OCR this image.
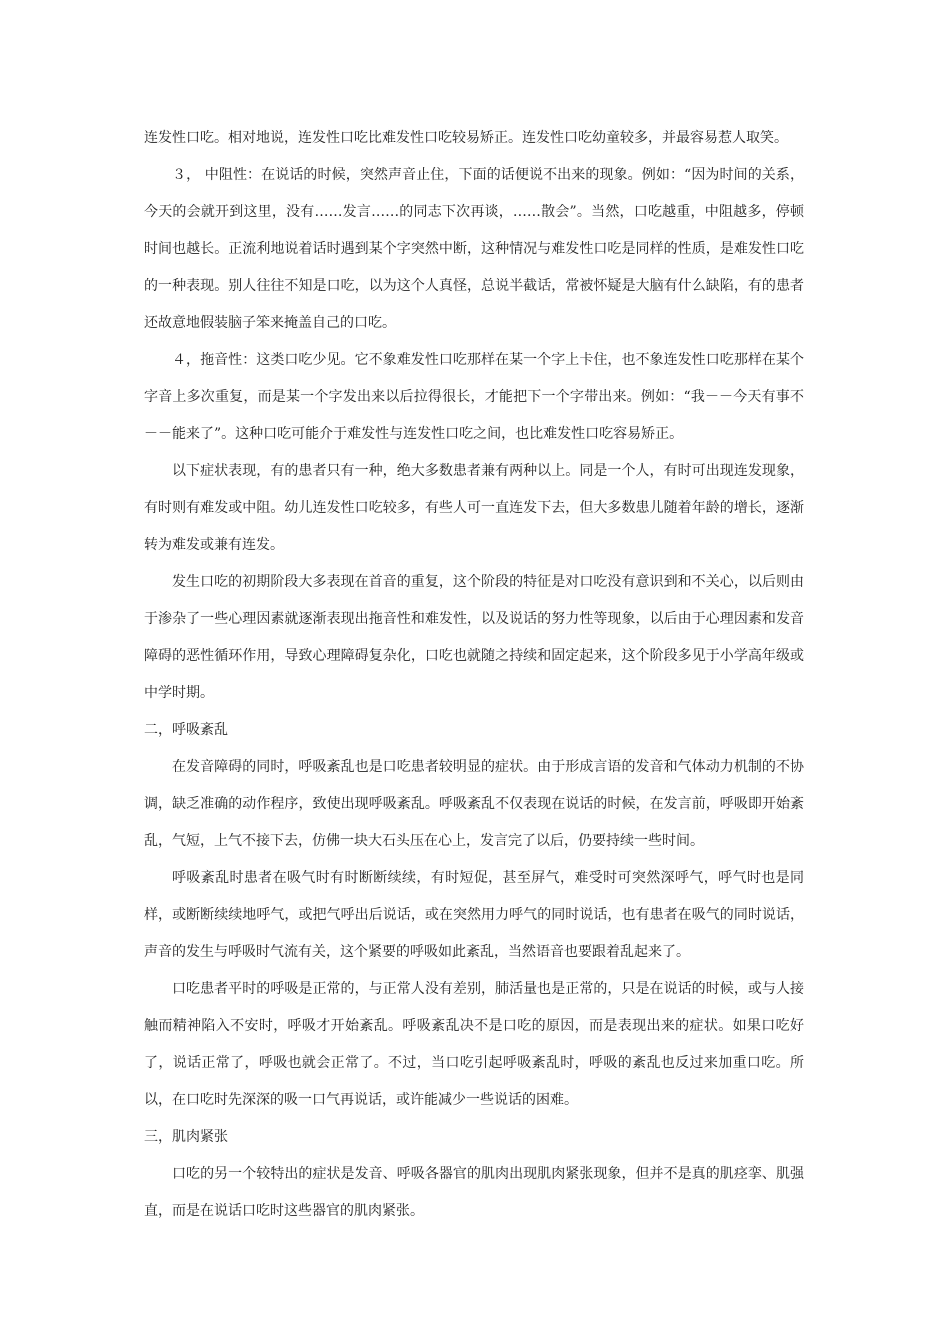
连发性口吃。相对地说，连发性口吃比难发性口吃较易矫正。连发性口吃幼童较多，并最容易惹人取笑。

３， 中阻性：在说话的时候，突然声音止住，下面的话便说不出来的现象。例如：“因为时间的关系，今天的会就开到这里，没有……发言……的同志下次再谈，……散会”。当然，口吃越重，中阻越多，停顿时间也越长。正流利地说着话时遇到某个字突然中断，这种情况与难发性口吃是同样的性质，是难发性口吃的一种表现。别人往往不知是口吃，以为这个人真怪，总说半截话，常被怀疑是大脑有什么缺陷，有的患者还故意地假装脑子笨来掩盖自己的口吃。

４，拖音性：这类口吃少见。它不象难发性口吃那样在某一个字上卡住，也不象连发性口吃那样在某个字音上多次重复，而是某一个字发出来以后拉得很长，才能把下一个字带出来。例如：“我－－今天有事不－－能来了”。这种口吃可能介于难发性与连发性口吃之间，也比难发性口吃容易矫正。

以下症状表现，有的患者只有一种，绝大多数患者兼有两种以上。同是一个人，有时可出现连发现象，有时则有难发或中阻。幼儿连发性口吃较多，有些人可一直连发下去，但大多数患儿随着年龄的增长，逐渐转为难发或兼有连发。

发生口吃的初期阶段大多表现在首音的重复，这个阶段的特征是对口吃没有意识到和不关心，以后则由于渗杂了一些心理因素就逐渐表现出拖音性和难发性，以及说话的努力性等现象，以后由于心理因素和发音障碍的恶性循环作用，导致心理障碍复杂化，口吃也就随之持续和固定起来，这个阶段多见于小学高年级或中学时期。

二，呼吸紊乱

在发音障碍的同时，呼吸紊乱也是口吃患者较明显的症状。由于形成言语的发音和气体动力机制的不协调，缺乏准确的动作程序，致使出现呼吸紊乱。呼吸紊乱不仅表现在说话的时候，在发言前，呼吸即开始紊乱，气短，上气不接下去，仿佛一块大石头压在心上，发言完了以后，仍要持续一些时间。

呼吸紊乱时患者在吸气时有时断断续续，有时短促，甚至屏气，难受时可突然深呼气，呼气时也是同样，或断断续续地呼气，或把气呼出后说话，或在突然用力呼气的同时说话，也有患者在吸气的同时说话，声音的发生与呼吸时气流有关，这个紧要的呼吸如此紊乱，当然语音也要跟着乱起来了。

口吃患者平时的呼吸是正常的，与正常人没有差别，肺活量也是正常的，只是在说话的时候，或与人接触而精神陷入不安时，呼吸才开始紊乱。呼吸紊乱决不是口吃的原因，而是表现出来的症状。如果口吃好了，说话正常了，呼吸也就会正常了。不过，当口吃引起呼吸紊乱时，呼吸的紊乱也反过来加重口吃。所以，在口吃时先深深的吸一口气再说话，或许能减少一些说话的困难。

三，肌肉紧张

口吃的另一个较特出的症状是发音、呼吸各器官的肌肉出现肌肉紧张现象，但并不是真的肌痉挛、肌强直，而是在说话口吃时这些器官的肌肉紧张。
